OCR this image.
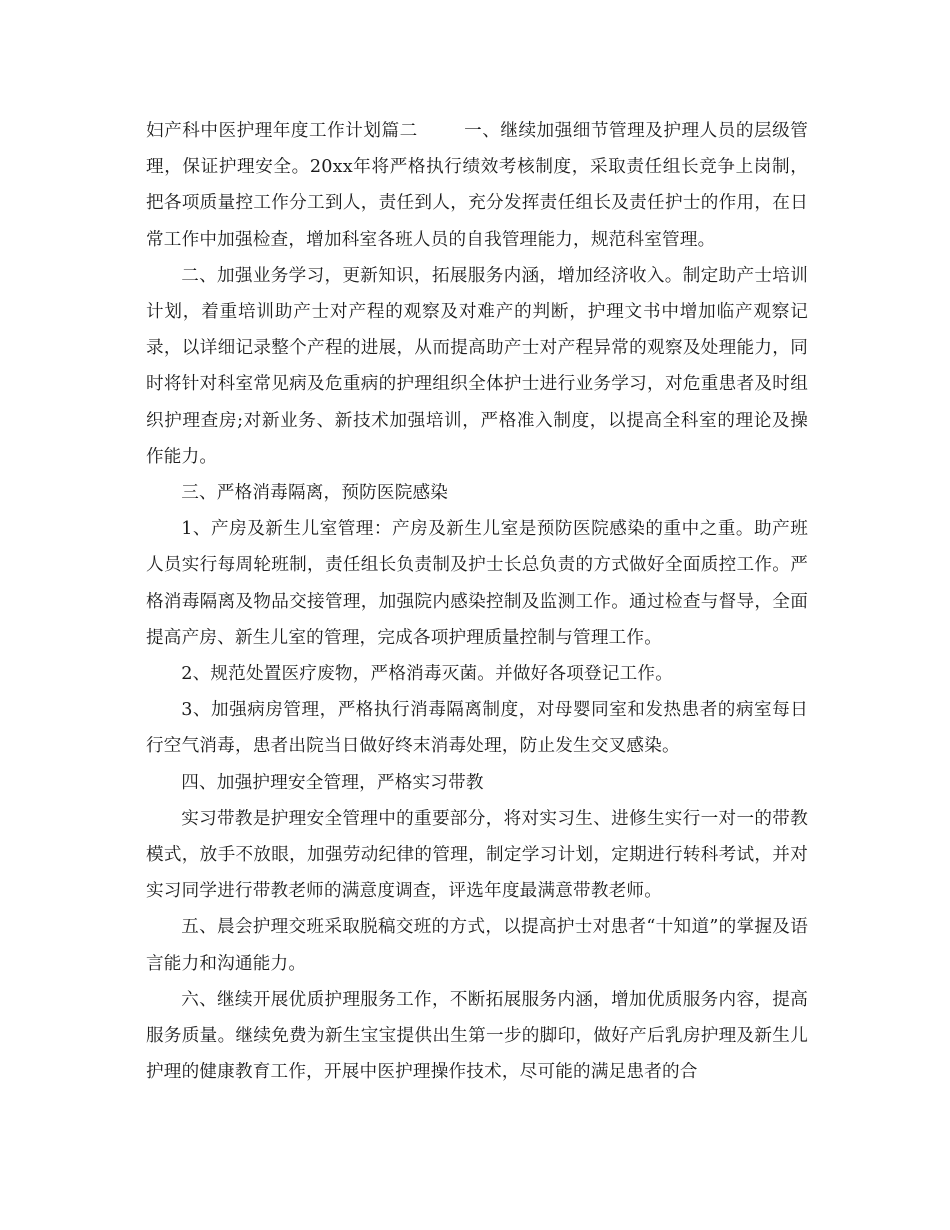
妇产科中医护理年度工作计划篇二	一、继续加强细节管理及护理人员的层级管理，保证护理安全。20xx年将严格执行绩效考核制度，采取责任组长竞争上岗制，把各项质量控工作分工到人，责任到人，充分发挥责任组长及责任护士的作用，在日常工作中加强检查，增加科室各班人员的自我管理能力，规范科室管理。

二、加强业务学习，更新知识，拓展服务内涵，增加经济收入。制定助产士培训计划，着重培训助产士对产程的观察及对难产的判断，护理文书中增加临产观察记录，以详细记录整个产程的进展，从而提高助产士对产程异常的观察及处理能力，同时将针对科室常见病及危重病的护理组织全体护士进行业务学习，对危重患者及时组织护理查房;对新业务、新技术加强培训，严格准入制度，以提高全科室的理论及操作能力。

三、严格消毒隔离，预防医院感染

1、产房及新生儿室管理：产房及新生儿室是预防医院感染的重中之重。助产班人员实行每周轮班制，责任组长负责制及护士长总负责的方式做好全面质控工作。严格消毒隔离及物品交接管理，加强院内感染控制及监测工作。通过检查与督导，全面提高产房、新生儿室的管理，完成各项护理质量控制与管理工作。

2、规范处置医疗废物，严格消毒灭菌。并做好各项登记工作。

3、加强病房管理，严格执行消毒隔离制度，对母婴同室和发热患者的病室每日行空气消毒，患者出院当日做好终末消毒处理，防止发生交叉感染。

四、加强护理安全管理，严格实习带教

实习带教是护理安全管理中的重要部分，将对实习生、进修生实行一对一的带教模式，放手不放眼，加强劳动纪律的管理，制定学习计划，定期进行转科考试，并对实习同学进行带教老师的满意度调查，评选年度最满意带教老师。

五、晨会护理交班采取脱稿交班的方式，以提高护士对患者“十知道”的掌握及语言能力和沟通能力。

六、继续开展优质护理服务工作，不断拓展服务内涵，增加优质服务内容，提高服务质量。继续免费为新生宝宝提供出生第一步的脚印，做好产后乳房护理及新生儿护理的健康教育工作，开展中医护理操作技术，尽可能的满足患者的合
